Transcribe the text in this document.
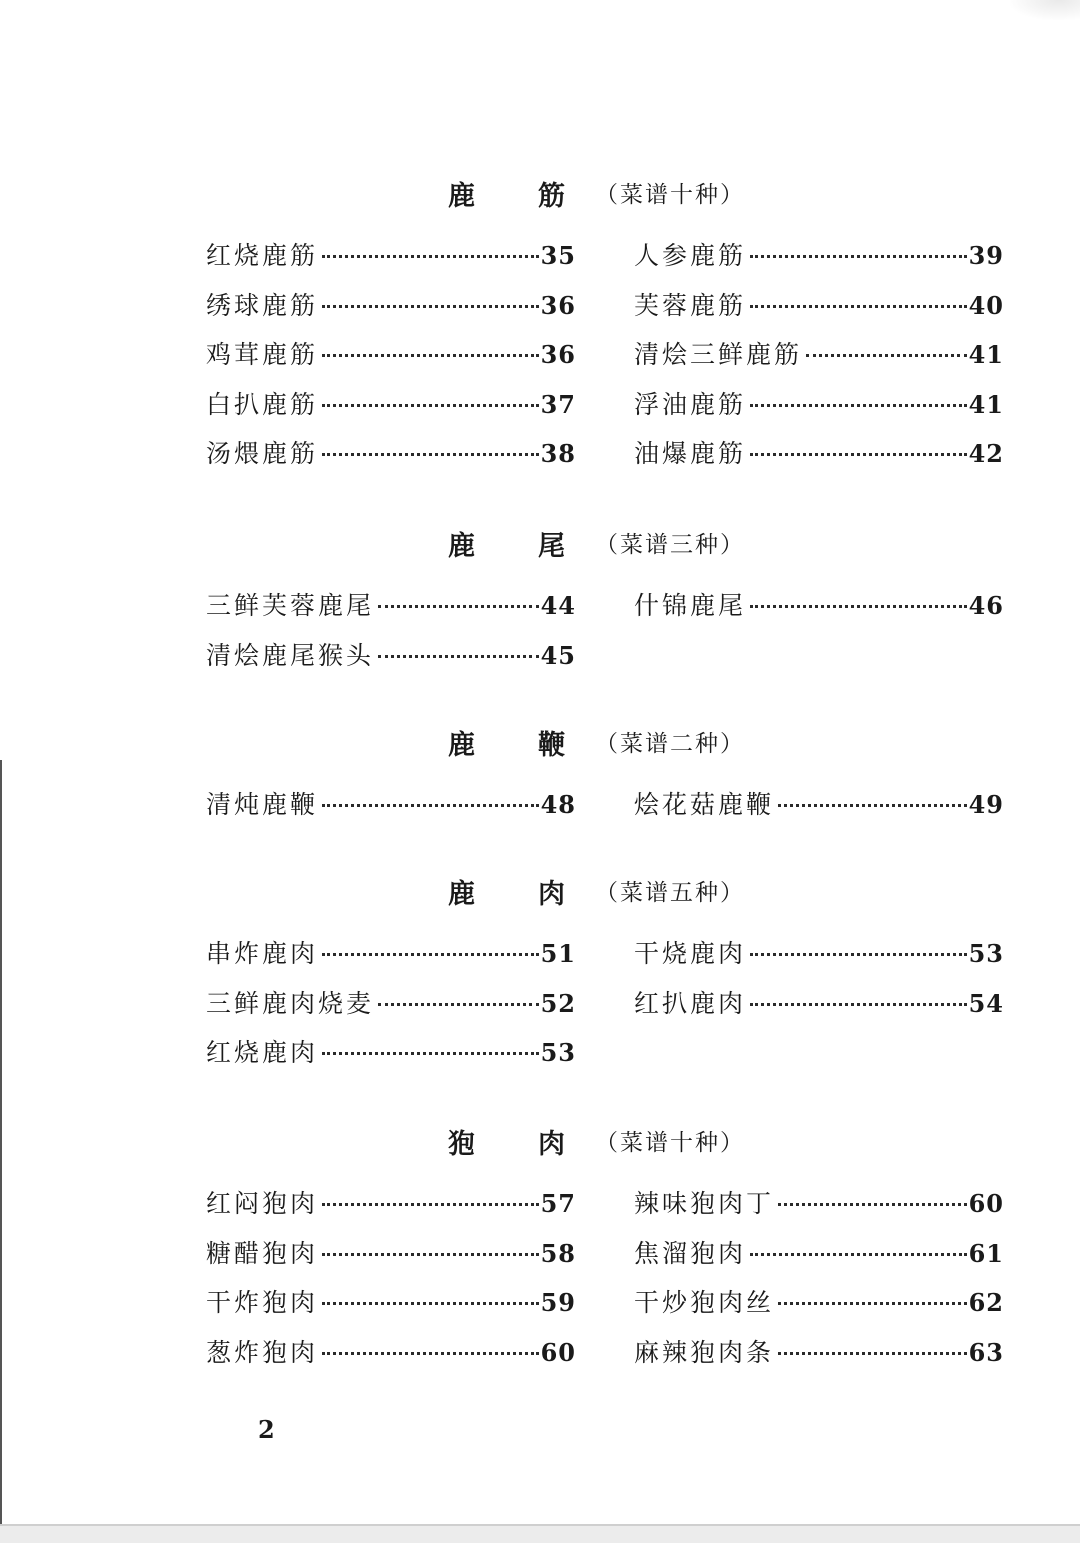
鹿 筋 （菜谱十种）
红烧鹿筋	35
绣球鹿筋	36
鸡茸鹿筋	36
白扒鹿筋	37
汤煨鹿筋	38
人参鹿筋	39
芙蓉鹿筋	40
清烩三鲜鹿筋	41
浮油鹿筋	41
油爆鹿筋	42
鹿 尾 （菜谱三种）
三鲜芙蓉鹿尾	44
清烩鹿尾猴头	45
什锦鹿尾	46
鹿 鞭 （菜谱二种）
清炖鹿鞭	48 烩花菇鹿鞭	49
鹿 肉 （菜谱五种）
串炸鹿肉	51
三鲜鹿肉烧麦	52
红烧鹿肉	53
干烧鹿肉	53
红扒鹿肉	54
狍 肉 （菜谱十种）
红闷狍肉	57
糖醋狍肉	58
干炸狍肉	59
葱炸狍肉	60
辣味狍肉丁	60
焦溜狍肉	61
干炒狍肉丝	62
麻辣狍肉条	63
2
